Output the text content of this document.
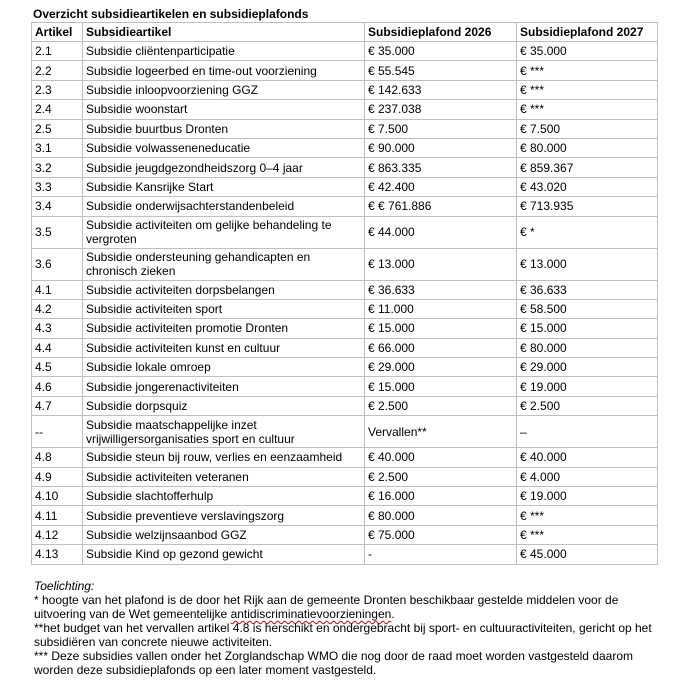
Overzicht subsidieartikelen en subsidieplafonds
Artikel	Subsidieartikel	Subsidieplafond 2026	Subsidieplafond 2027
2.1	Subsidie cliëntenparticipatie	€ 35.000	€ 35.000
2.2	Subsidie logeerbed en time-out voorziening	€ 55.545	€ ***
2.3	Subsidie inloopvoorziening GGZ	€ 142.633	€ ***
2.4	Subsidie woonstart	€ 237.038	€ ***
2.5	Subsidie buurtbus Dronten	€ 7.500	€ 7.500
3.1	Subsidie volwasseneneducatie	€ 90.000	€ 80.000
3.2	Subsidie jeugdgezondheidszorg 0–4 jaar	€ 863.335	€ 859.367
3.3	Subsidie Kansrijke Start	€ 42.400	€ 43.020
3.4	Subsidie onderwijsachterstandenbeleid	€ € 761.886	€ 713.935
3.5	Subsidie activiteiten om gelijke behandeling te vergroten	€ 44.000	€ *
3.6	Subsidie ondersteuning gehandicapten en chronisch zieken	€ 13.000	€ 13.000
4.1	Subsidie activiteiten dorpsbelangen	€ 36.633	€ 36.633
4.2	Subsidie activiteiten sport	€ 11.000	€ 58.500
4.3	Subsidie activiteiten promotie Dronten	€ 15.000	€ 15.000
4.4	Subsidie activiteiten kunst en cultuur	€ 66.000	€ 80.000
4.5	Subsidie lokale omroep	€ 29.000	€ 29.000
4.6	Subsidie jongerenactiviteiten	€ 15.000	€ 19.000
4.7	Subsidie dorpsquiz	€ 2.500	€ 2.500
--	Subsidie maatschappelijke inzet vrijwilligersorganisaties sport en cultuur	Vervallen**	–
4.8	Subsidie steun bij rouw, verlies en eenzaamheid	€ 40.000	€ 40.000
4.9	Subsidie activiteiten veteranen	€ 2.500	€ 4.000
4.10	Subsidie slachtofferhulp	€ 16.000	€ 19.000
4.11	Subsidie preventieve verslavingszorg	€ 80.000	€ ***
4.12	Subsidie welzijnsaanbod GGZ	€ 75.000	€ ***
4.13	Subsidie Kind op gezond gewicht	-	€ 45.000

Toelichting:

* hoogte van het plafond is de door het Rijk aan de gemeente Dronten beschikbaar gestelde middelen voor de uitvoering van de Wet gemeentelijke antidiscriminatievoorzieningen.

**het budget van het vervallen artikel 4.8 is herschikt en ondergebracht bij sport- en cultuuractiviteiten, gericht op het subsidiëren van concrete nieuwe activiteiten.

*** Deze subsidies vallen onder het Zorglandschap WMO die nog door de raad moet worden vastgesteld daarom worden deze subsidieplafonds op een later moment vastgesteld.
